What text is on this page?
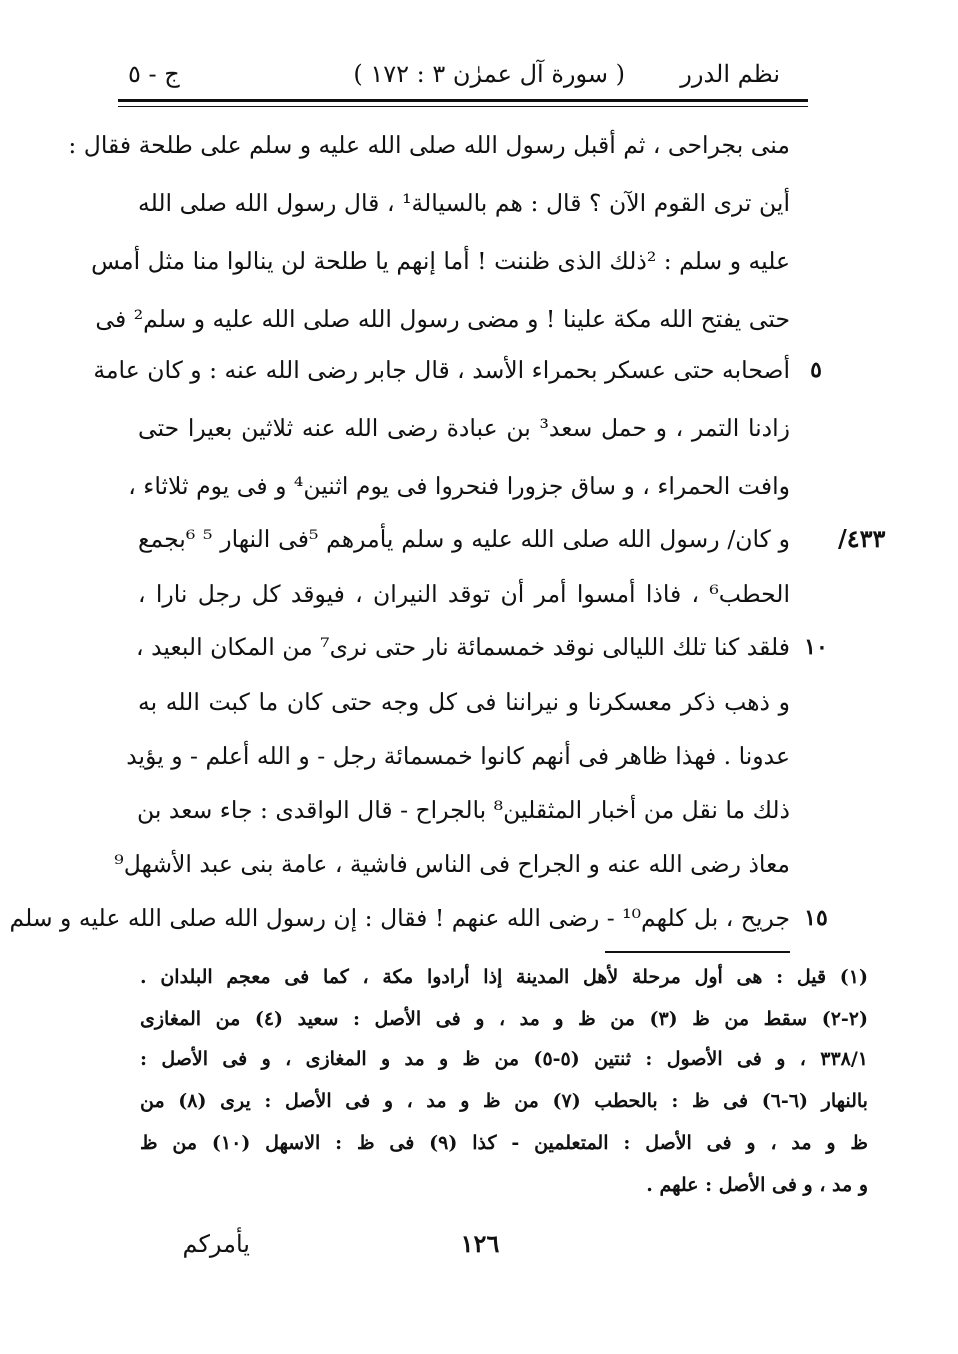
نظم الدرر
( سورة آل عمرٰن ٣ : ١٧٢ )
ج - ٥
منى بجراحى ، ثم أقبل رسول الله صلى الله عليه و سلم على طلحة فقال :
أين ترى القوم الآن ؟ قال : هم بالسيالة¹ ، قال رسول الله صلى الله
عليه و سلم : ²ذلك الذى ظننت ! أما إنهم يا طلحة لن ينالوا منا مثل أمس
حتى يفتح الله مكة علينا ! و مضى رسول الله صلى الله عليه و سلم² فى
أصحابه حتى عسكر بحمراء الأسد ، قال جابر رضى الله عنه : و كان عامة ٥
زادنا التمر ، و حمل سعد³ بن عبادة رضى الله عنه ثلاثين بعيرا حتى
وافت الحمراء ، و ساق جزورا فنحروا فى يوم اثنين⁴ و فى يوم ثلاثاء ،
و كان/ رسول الله صلى الله عليه و سلم يأمرهم ⁵فى النهار ⁵ ⁶بجمع
الحطب⁶ ، فاذا أمسوا أمر أن توقد النيران ، فيوقد كل رجل نارا ،
فلقد كنا تلك الليالى نوقد خمسمائة نار حتى نرى⁷ من المكان البعيد ، ١٠
و ذهب ذكر معسكرنا و نيراننا فى كل وجه حتى كان ما كبت الله به
عدونا . فهذا ظاهر فى أنهم كانوا خمسمائة رجل - و الله أعلم - و يؤيد
ذلك ما نقل من أخبار المثقلين⁸ بالجراح - قال الواقدى : جاء سعد بن
معاذ رضى الله عنه و الجراح فى الناس فاشية ، عامة بنى عبد الأشهل⁹
جريح ، بل كلهم¹⁰ - رضى الله عنهم ! فقال : إن رسول الله صلى الله عليه و سلم ١٥
٤٣٣/
(١) قيل : هى أول مرحلة لأهل المدينة إذا أرادوا مكة ، كما فى معجم البلدان .
(٢-٢) سقط من ظ (٣) من ظ و مد ، و فى الأصل : سعيد (٤) من المغازى
٣٣٨/١ ، و فى الأصول : ثنتين (٥-٥) من ظ و مد و المغازى ، و فى الأصل :
بالنهار (٦-٦) فى ظ : بالحطب (٧) من ظ و مد ، و فى الأصل : يرى (٨) من
ظ و مد ، و فى الأصل : المتعلمين - كذا (٩) فى ظ : الاسهل (١٠) من ظ
و مد ، و فى الأصل : علهم .
١٢٦
يأمركم
